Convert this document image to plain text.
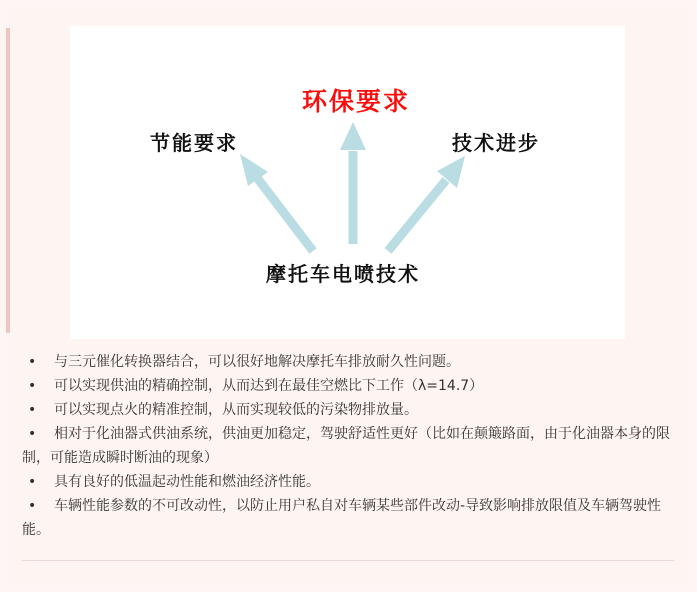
环保要求
节能要求	技术进步
摩托车电喷技术
• 与三元催化转换器结合，可以很好地解决摩托车排放耐久性问题。
• 可以实现供油的精确控制，从而达到在最佳空燃比下工作（λ=14.7）
• 可以实现点火的精准控制，从而实现较低的污染物排放量。
• 相对于化油器式供油系统，供油更加稳定，驾驶舒适性更好（比如在颠簸路面，由于化油器本身的限制，可能造成瞬时断油的现象）
• 具有良好的低温起动性能和燃油经济性能。
• 车辆性能参数的不可改动性，以防止用户私自对车辆某些部件改动-导致影响排放限值及车辆驾驶性能。
